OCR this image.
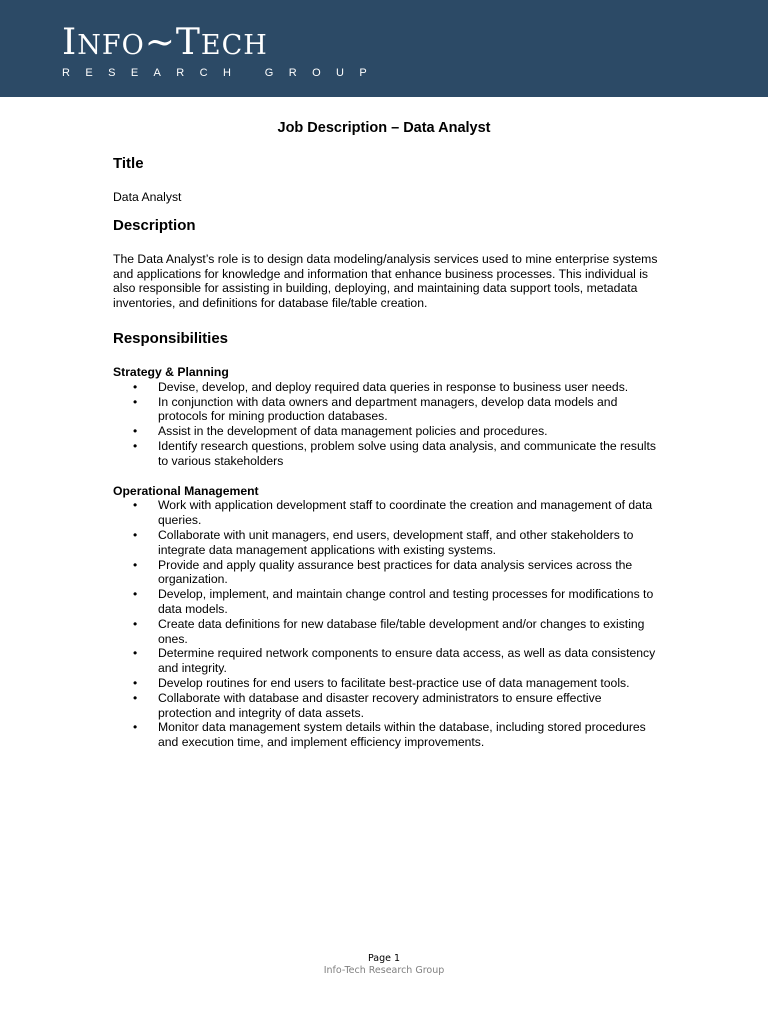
INFO~TECH
RESEARCH GROUP
Job Description – Data Analyst
Title

Data Analyst

Description

The Data Analyst’s role is to design data modeling/analysis services used to mine enterprise systems and applications for knowledge and information that enhance business processes. This individual is also responsible for assisting in building, deploying, and maintaining data support tools, metadata inventories, and definitions for database file/table creation.

Responsibilities

Strategy & Planning

• Devise, develop, and deploy required data queries in response to business user needs.
• In conjunction with data owners and department managers, develop data models and protocols for mining production databases.
• Assist in the development of data management policies and procedures.
• Identify research questions, problem solve using data analysis, and communicate the results to various stakeholders

Operational Management

• Work with application development staff to coordinate the creation and management of data queries.
• Collaborate with unit managers, end users, development staff, and other stakeholders to integrate data management applications with existing systems.
• Provide and apply quality assurance best practices for data analysis services across the organization.
• Develop, implement, and maintain change control and testing processes for modifications to data models.
• Create data definitions for new database file/table development and/or changes to existing ones.
• Determine required network components to ensure data access, as well as data consistency and integrity.
• Develop routines for end users to facilitate best-practice use of data management tools.
• Collaborate with database and disaster recovery administrators to ensure effective protection and integrity of data assets.
• Monitor data management system details within the database, including stored procedures and execution time, and implement efficiency improvements.
Page 1
Info-Tech Research Group
